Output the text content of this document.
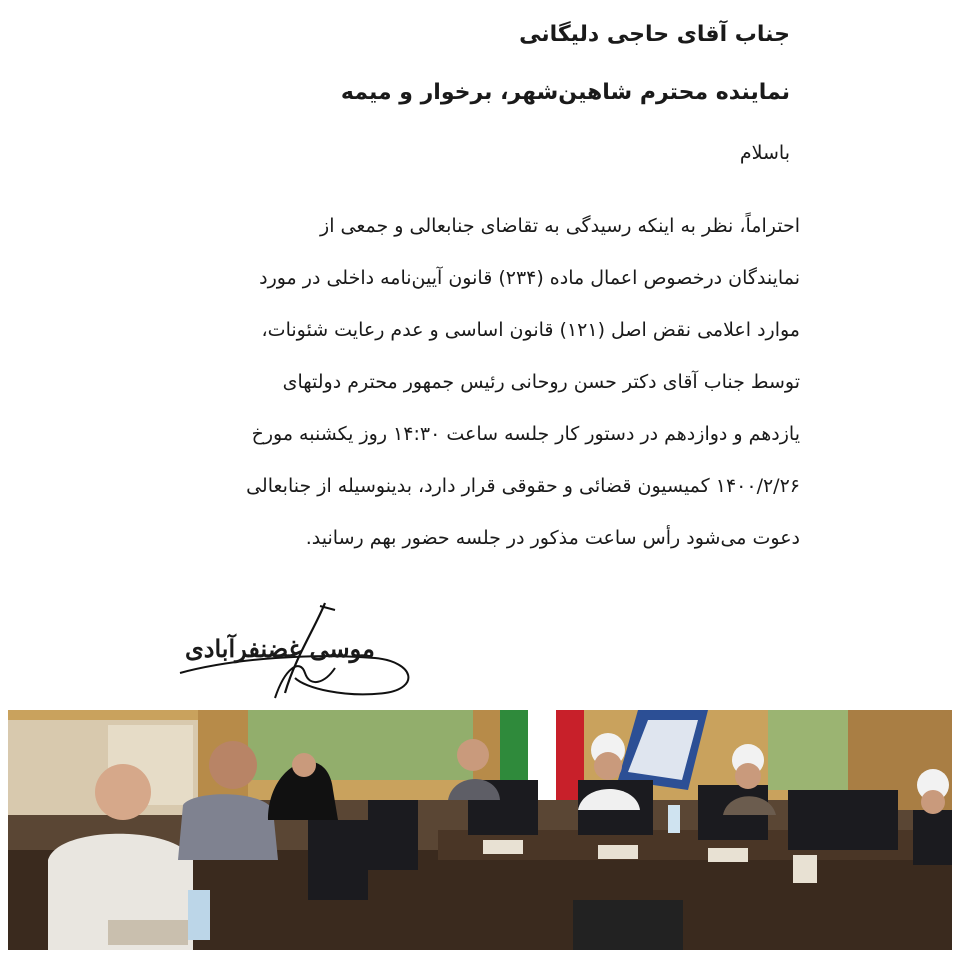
جناب آقای حاجی دلیگانی
نماینده محترم شاهین‌شهر، برخوار و میمه
باسلام
احتراماً، نظر به اینکه رسیدگی به تقاضای جنابعالی و جمعی از
نمایندگان درخصوص اعمال ماده (۲۳۴) قانون آیین‌نامه داخلی در مورد
موارد اعلامی نقض اصل (۱۲۱) قانون اساسی و عدم رعایت شئونات،
توسط جناب آقای دکتر حسن روحانی رئیس جمهور محترم دولتهای
یازدهم و دوازدهم در دستور کار جلسه ساعت ۱۴:۳۰ روز یکشنبه مورخ
۱۴۰۰/۲/۲۶ کمیسیون قضائی و حقوقی قرار دارد، بدینوسیله از جنابعالی
دعوت می‌شود رأس ساعت مذکور در جلسه حضور بهم رسانید.
موسی غضنفرآبادی
